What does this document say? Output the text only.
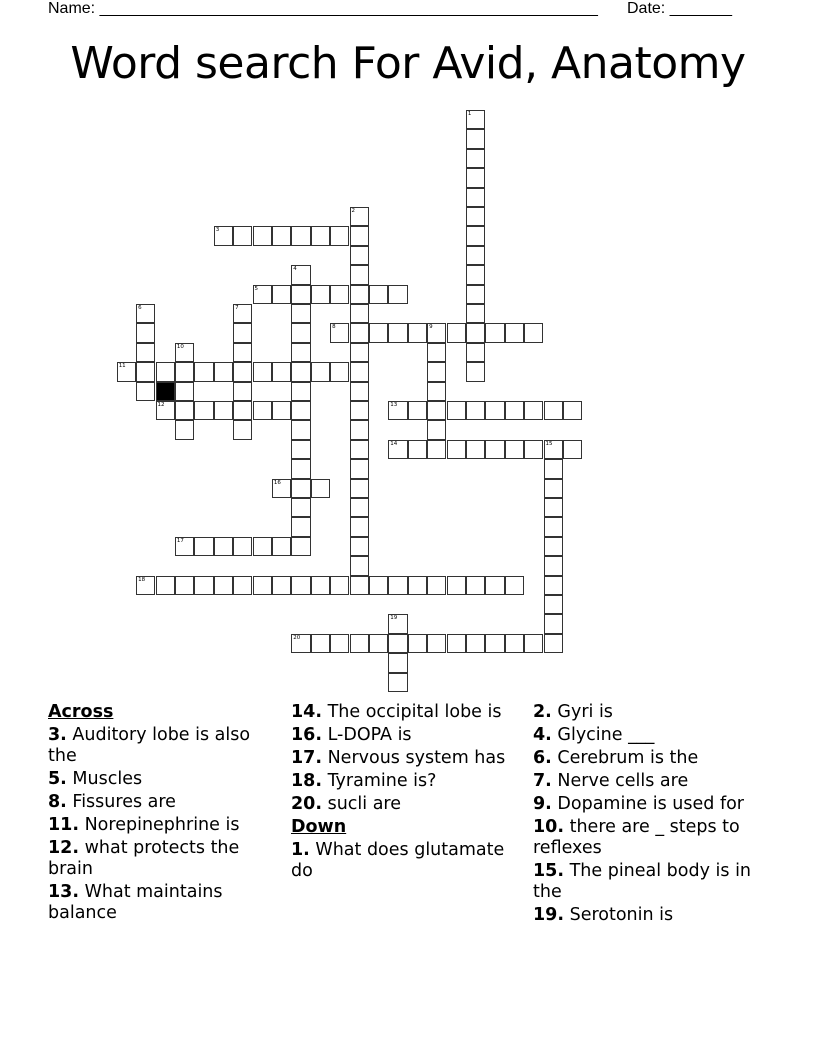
Name: ________________________________________________________ Date: _______
Word search For Avid, Anatomy
1
2
3
4
5
6	7
8	9
10
11
12	13
14	15
16
17
18
19
20
Across
3. Auditory lobe is also the
5. Muscles
8. Fissures are
11. Norepinephrine is
12. what protects the brain
13. What maintains balance
14. The occipital lobe is
16. L-DOPA is
17. Nervous system has
18. Tyramine is?
20. sucli are
Down
1. What does glutamate do
2. Gyri is
4. Glycine ___
6. Cerebrum is the
7. Nerve cells are
9. Dopamine is used for
10. there are _ steps to reflexes
15. The pineal body is in the
19. Serotonin is
